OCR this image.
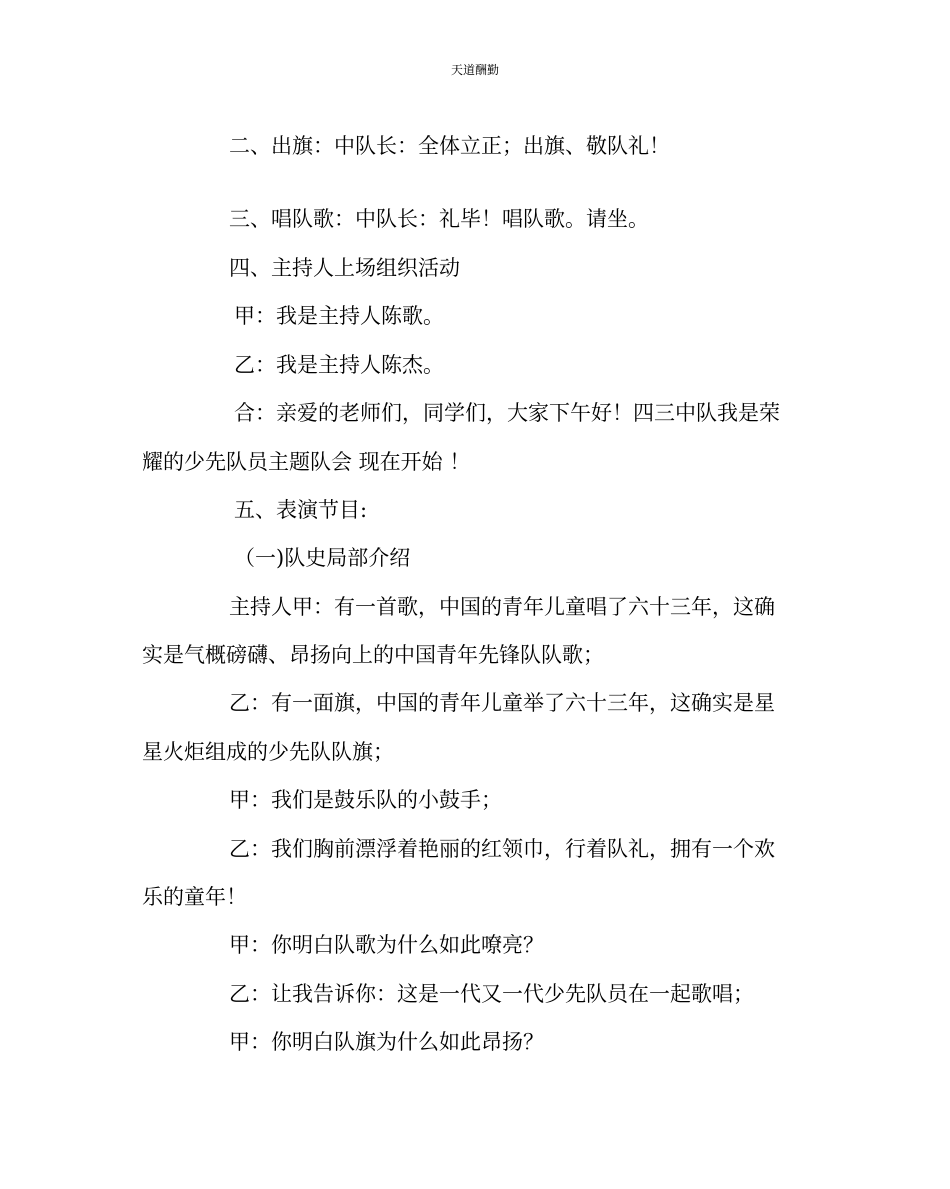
天道酬勤
二、出旗：中队长：全体立正；出旗、敬队礼！
三、唱队歌：中队长：礼毕！唱队歌。请坐。
四、主持人上场组织活动
甲：我是主持人陈歌。
乙：我是主持人陈杰。
合：亲爱的老师们，同学们，大家下午好！四三中队我是荣
耀的少先队员主题队会 现在开始 ！
五、表演节目:
（一)队史局部介绍
主持人甲：有一首歌，中国的青年儿童唱了六十三年，这确
实是气概磅礴、昂扬向上的中国青年先锋队队歌；
乙：有一面旗，中国的青年儿童举了六十三年，这确实是星
星火炬组成的少先队队旗；
甲：我们是鼓乐队的小鼓手；
乙：我们胸前漂浮着艳丽的红领巾，行着队礼，拥有一个欢
乐的童年！
甲：你明白队歌为什么如此嘹亮？
乙：让我告诉你：这是一代又一代少先队员在一起歌唱；
甲：你明白队旗为什么如此昂扬？
